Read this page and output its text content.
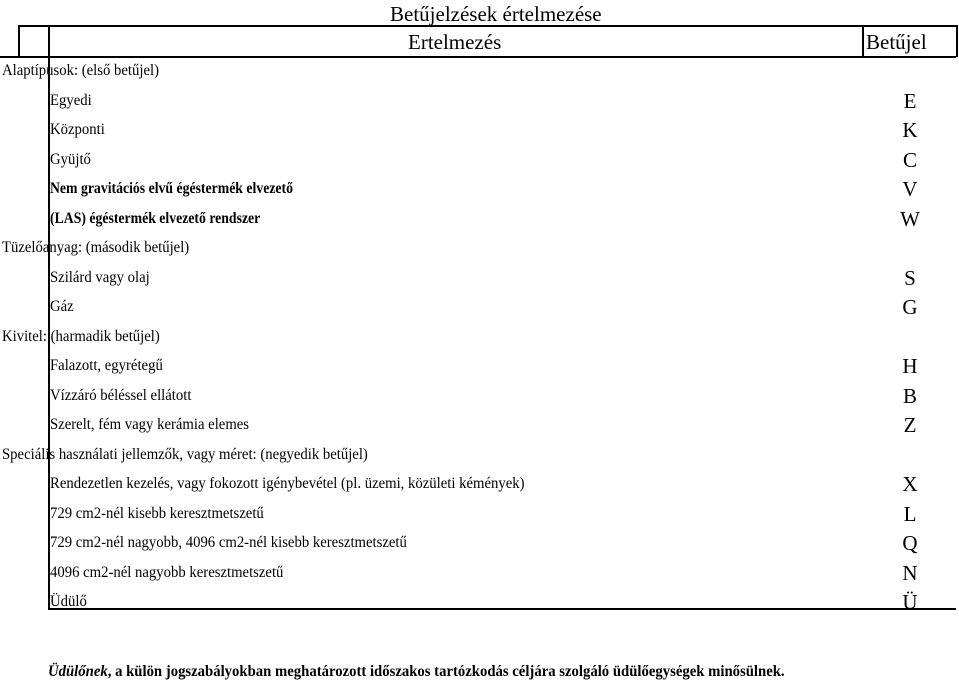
Betűjelzések értelmezése
Ertelmezés	Betűjel
Alaptípusok: (első betűjel)
Egyedi	E
Központi	K
Gyüjtő	C
Nem gravitációs elvű égéstermék elvezető	V
(LAS) égéstermék elvezető rendszer	W
Tüzelőanyag: (második betűjel)
Szilárd vagy olaj	S
Gáz	G
Kivitel: (harmadik betűjel)
Falazott, egyrétegű	H
Vízzáró béléssel ellátott	B
Szerelt, fém vagy kerámia elemes	Z
Speciális használati jellemzők, vagy méret: (negyedik betűjel)
Rendezetlen kezelés, vagy fokozott igénybevétel (pl. üzemi, közületi kémények)	X
729 cm2-nél kisebb keresztmetszetű	L
729 cm2-nél nagyobb, 4096 cm2-nél kisebb keresztmetszetű	Q
4096 cm2-nél nagyobb keresztmetszetű	N
Üdülő	Ü
Üdülőnek, a külön jogszabályokban meghatározott időszakos tartózkodás céljára szolgáló üdülőegységek minősülnek.
